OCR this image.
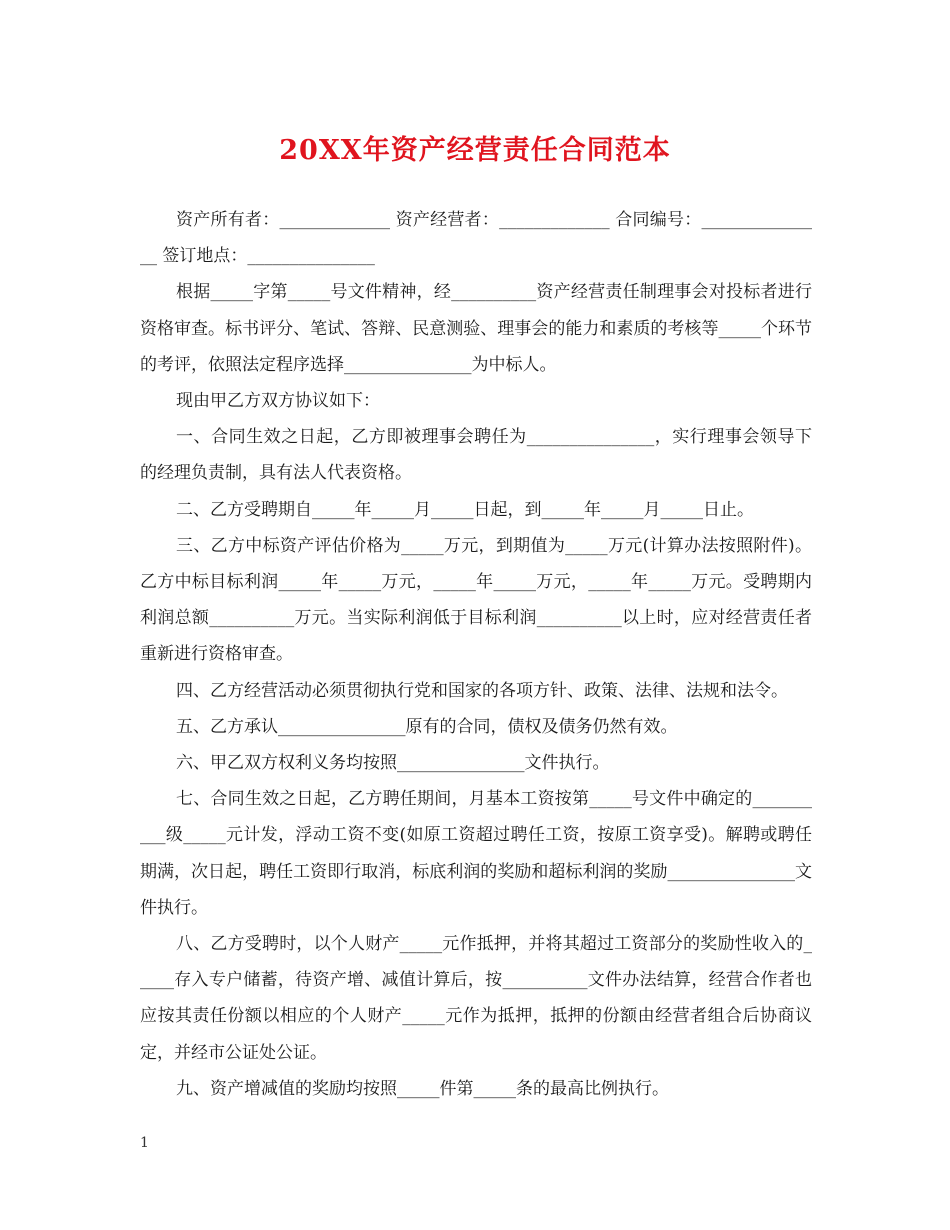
20XX年资产经营责任合同范本

资产所有者：_____________ 资产经营者：_____________ 合同编号：_______________ 签订地点：_______________

根据_____字第_____号文件精神，经__________资产经营责任制理事会对投标者进行资格审查。标书评分、笔试、答辩、民意测验、理事会的能力和素质的考核等_____个环节的考评，依照法定程序选择_______________为中标人。

现由甲乙方双方协议如下：

一、合同生效之日起，乙方即被理事会聘任为_______________，实行理事会领导下的经理负责制，具有法人代表资格。

二、乙方受聘期自_____年_____月_____日起，到_____年_____月_____日止。

三、乙方中标资产评估价格为_____万元，到期值为_____万元(计算办法按照附件)。乙方中标目标利润_____年_____万元，_____年_____万元，_____年_____万元。受聘期内利润总额__________万元。当实际利润低于目标利润__________以上时，应对经营责任者重新进行资格审查。

四、乙方经营活动必须贯彻执行党和国家的各项方针、政策、法律、法规和法令。

五、乙方承认_______________原有的合同，债权及债务仍然有效。

六、甲乙双方权利义务均按照_______________文件执行。

七、合同生效之日起，乙方聘任期间，月基本工资按第_____号文件中确定的__________级_____元计发，浮动工资不变(如原工资超过聘任工资，按原工资享受)。解聘或聘任期满，次日起，聘任工资即行取消，标底利润的奖励和超标利润的奖励_______________文件执行。

八、乙方受聘时，以个人财产_____元作抵押，并将其超过工资部分的奖励性收入的_____存入专户储蓄，待资产增、减值计算后，按__________文件办法结算，经营合作者也应按其责任份额以相应的个人财产_____元作为抵押，抵押的份额由经营者组合后协商议定，并经市公证处公证。

九、资产增减值的奖励均按照_____件第_____条的最高比例执行。

1
